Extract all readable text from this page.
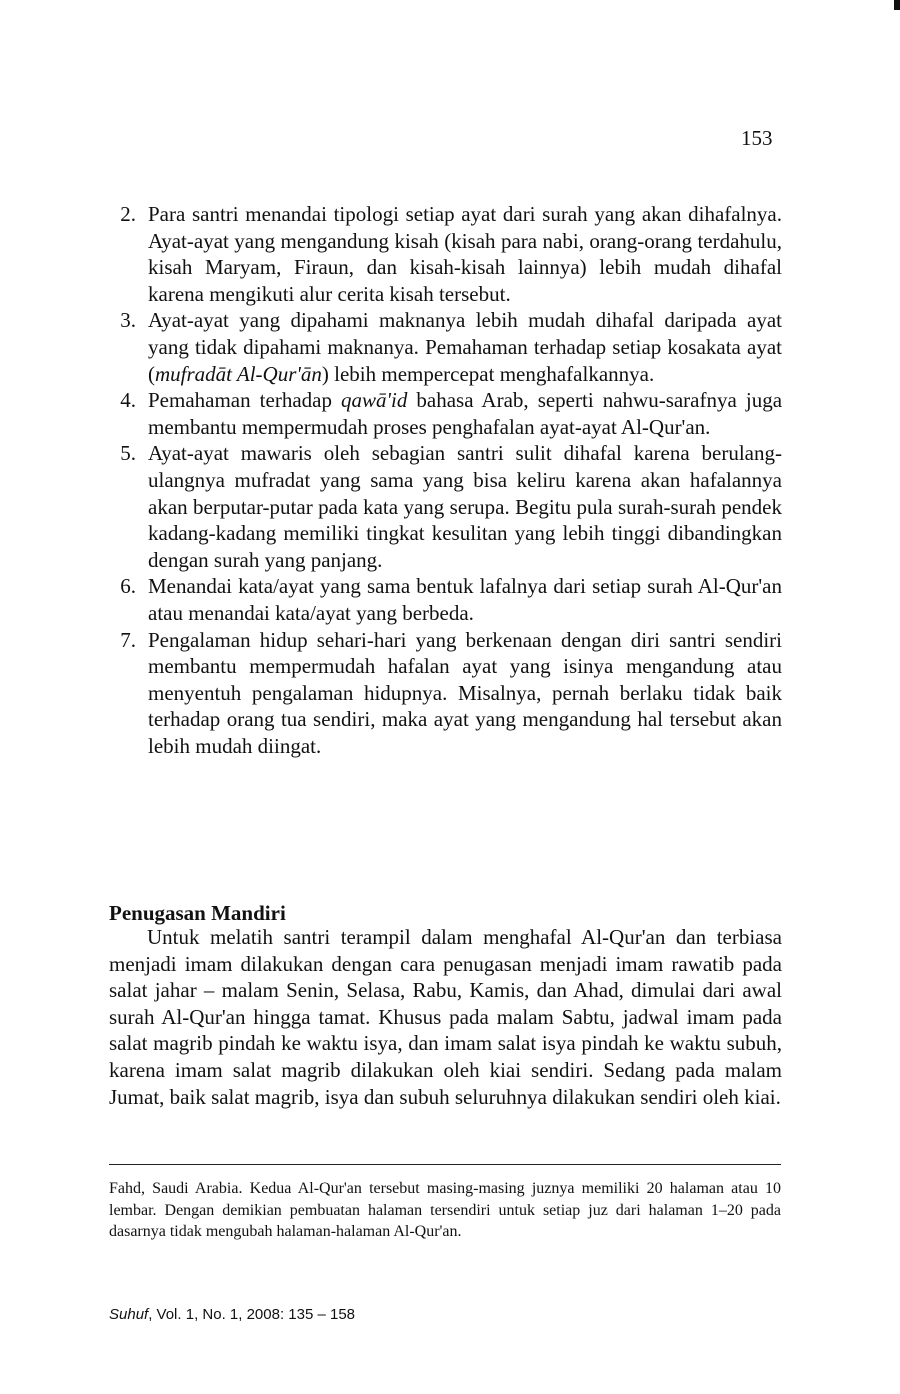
153
2. Para santri menandai tipologi setiap ayat dari surah yang akan dihafalnya. Ayat-ayat yang mengandung kisah (kisah para nabi, orang-orang terdahulu, kisah Maryam, Firaun, dan kisah-kisah lainnya) lebih mudah dihafal karena mengikuti alur cerita kisah tersebut.
3. Ayat-ayat yang dipahami maknanya lebih mudah dihafal daripada ayat yang tidak dipahami maknanya. Pemahaman terhadap setiap kosakata ayat (mufradāt Al-Qur'ān) lebih mempercepat menghafalkannya.
4. Pemahaman terhadap qawā'id bahasa Arab, seperti nahwu-sarafnya juga membantu mempermudah proses penghafalan ayat-ayat Al-Qur'an.
5. Ayat-ayat mawaris oleh sebagian santri sulit dihafal karena berulang-ulangnya mufradat yang sama yang bisa keliru karena akan hafalannya akan berputar-putar pada kata yang serupa. Begitu pula surah-surah pendek kadang-kadang memiliki tingkat kesulitan yang lebih tinggi dibandingkan dengan surah yang panjang.
6. Menandai kata/ayat yang sama bentuk lafalnya dari setiap surah Al-Qur'an atau menandai kata/ayat yang berbeda.
7. Pengalaman hidup sehari-hari yang berkenaan dengan diri santri sendiri membantu mempermudah hafalan ayat yang isinya mengandung atau menyentuh pengalaman hidupnya. Misalnya, pernah berlaku tidak baik terhadap orang tua sendiri, maka ayat yang mengandung hal tersebut akan lebih mudah diingat.
Penugasan Mandiri

Untuk melatih santri terampil dalam menghafal Al-Qur'an dan terbiasa menjadi imam dilakukan dengan cara penugasan menjadi imam rawatib pada salat jahar – malam Senin, Selasa, Rabu, Kamis, dan Ahad, dimulai dari awal surah Al-Qur'an hingga tamat. Khusus pada malam Sabtu, jadwal imam pada salat magrib pindah ke waktu isya, dan imam salat isya pindah ke waktu subuh, karena imam salat magrib dilakukan oleh kiai sendiri. Sedang pada malam Jumat, baik salat magrib, isya dan subuh seluruhnya dilakukan sendiri oleh kiai.

Fahd, Saudi Arabia. Kedua Al-Qur'an tersebut masing-masing juznya memiliki 20 halaman atau 10 lembar. Dengan demikian pembuatan halaman tersendiri untuk setiap juz dari halaman 1–20 pada dasarnya tidak mengubah halaman-halaman Al-Qur'an.

Suhuf, Vol. 1, No. 1, 2008: 135 – 158
